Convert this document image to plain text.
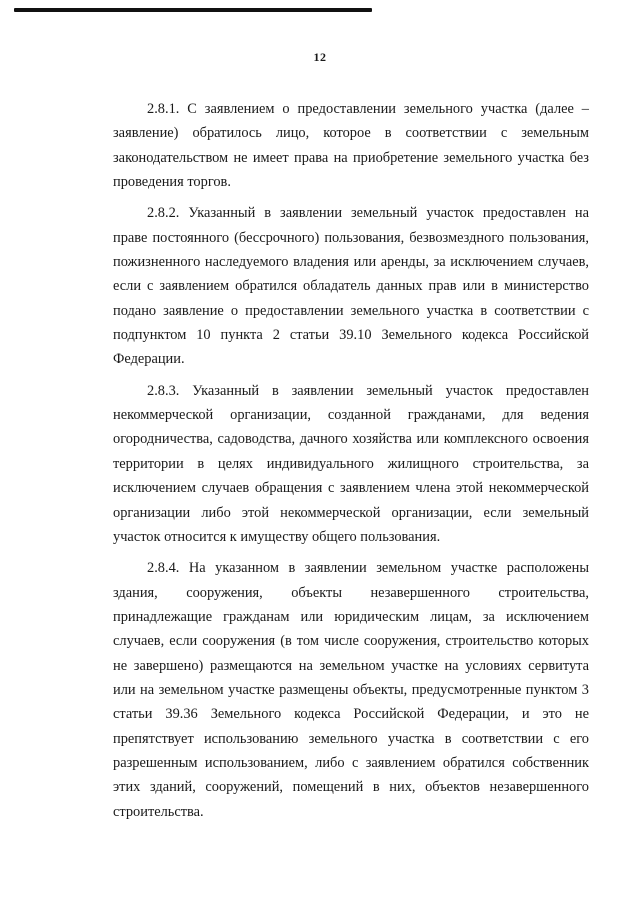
12

2.8.1. С заявлением о предоставлении земельного участка (далее – заявление) обратилось лицо, которое в соответствии с земельным законодательством не имеет права на приобретение земельного участка без проведения торгов.

2.8.2. Указанный в заявлении земельный участок предоставлен на праве постоянного (бессрочного) пользования, безвозмездного пользования, пожизненного наследуемого владения или аренды, за исключением случаев, если с заявлением обратился обладатель данных прав или в министерство подано заявление о предоставлении земельного участка в соответствии с подпунктом 10 пункта 2 статьи 39.10 Земельного кодекса Российской Федерации.

2.8.3. Указанный в заявлении земельный участок предоставлен некоммерческой организации, созданной гражданами, для ведения огородничества, садоводства, дачного хозяйства или комплексного освоения территории в целях индивидуального жилищного строительства, за исключением случаев обращения с заявлением члена этой некоммерческой организации либо этой некоммерческой организации, если земельный участок относится к имуществу общего пользования.

2.8.4. На указанном в заявлении земельном участке расположены здания, сооружения, объекты незавершенного строительства, принадлежащие гражданам или юридическим лицам, за исключением случаев, если сооружения (в том числе сооружения, строительство которых не завершено) размещаются на земельном участке на условиях сервитута или на земельном участке размещены объекты, предусмотренные пунктом 3 статьи 39.36 Земельного кодекса Российской Федерации, и это не препятствует использованию земельного участка в соответствии с его разрешенным использованием, либо с заявлением обратился собственник этих зданий, сооружений, помещений в них, объектов незавершенного строительства.
